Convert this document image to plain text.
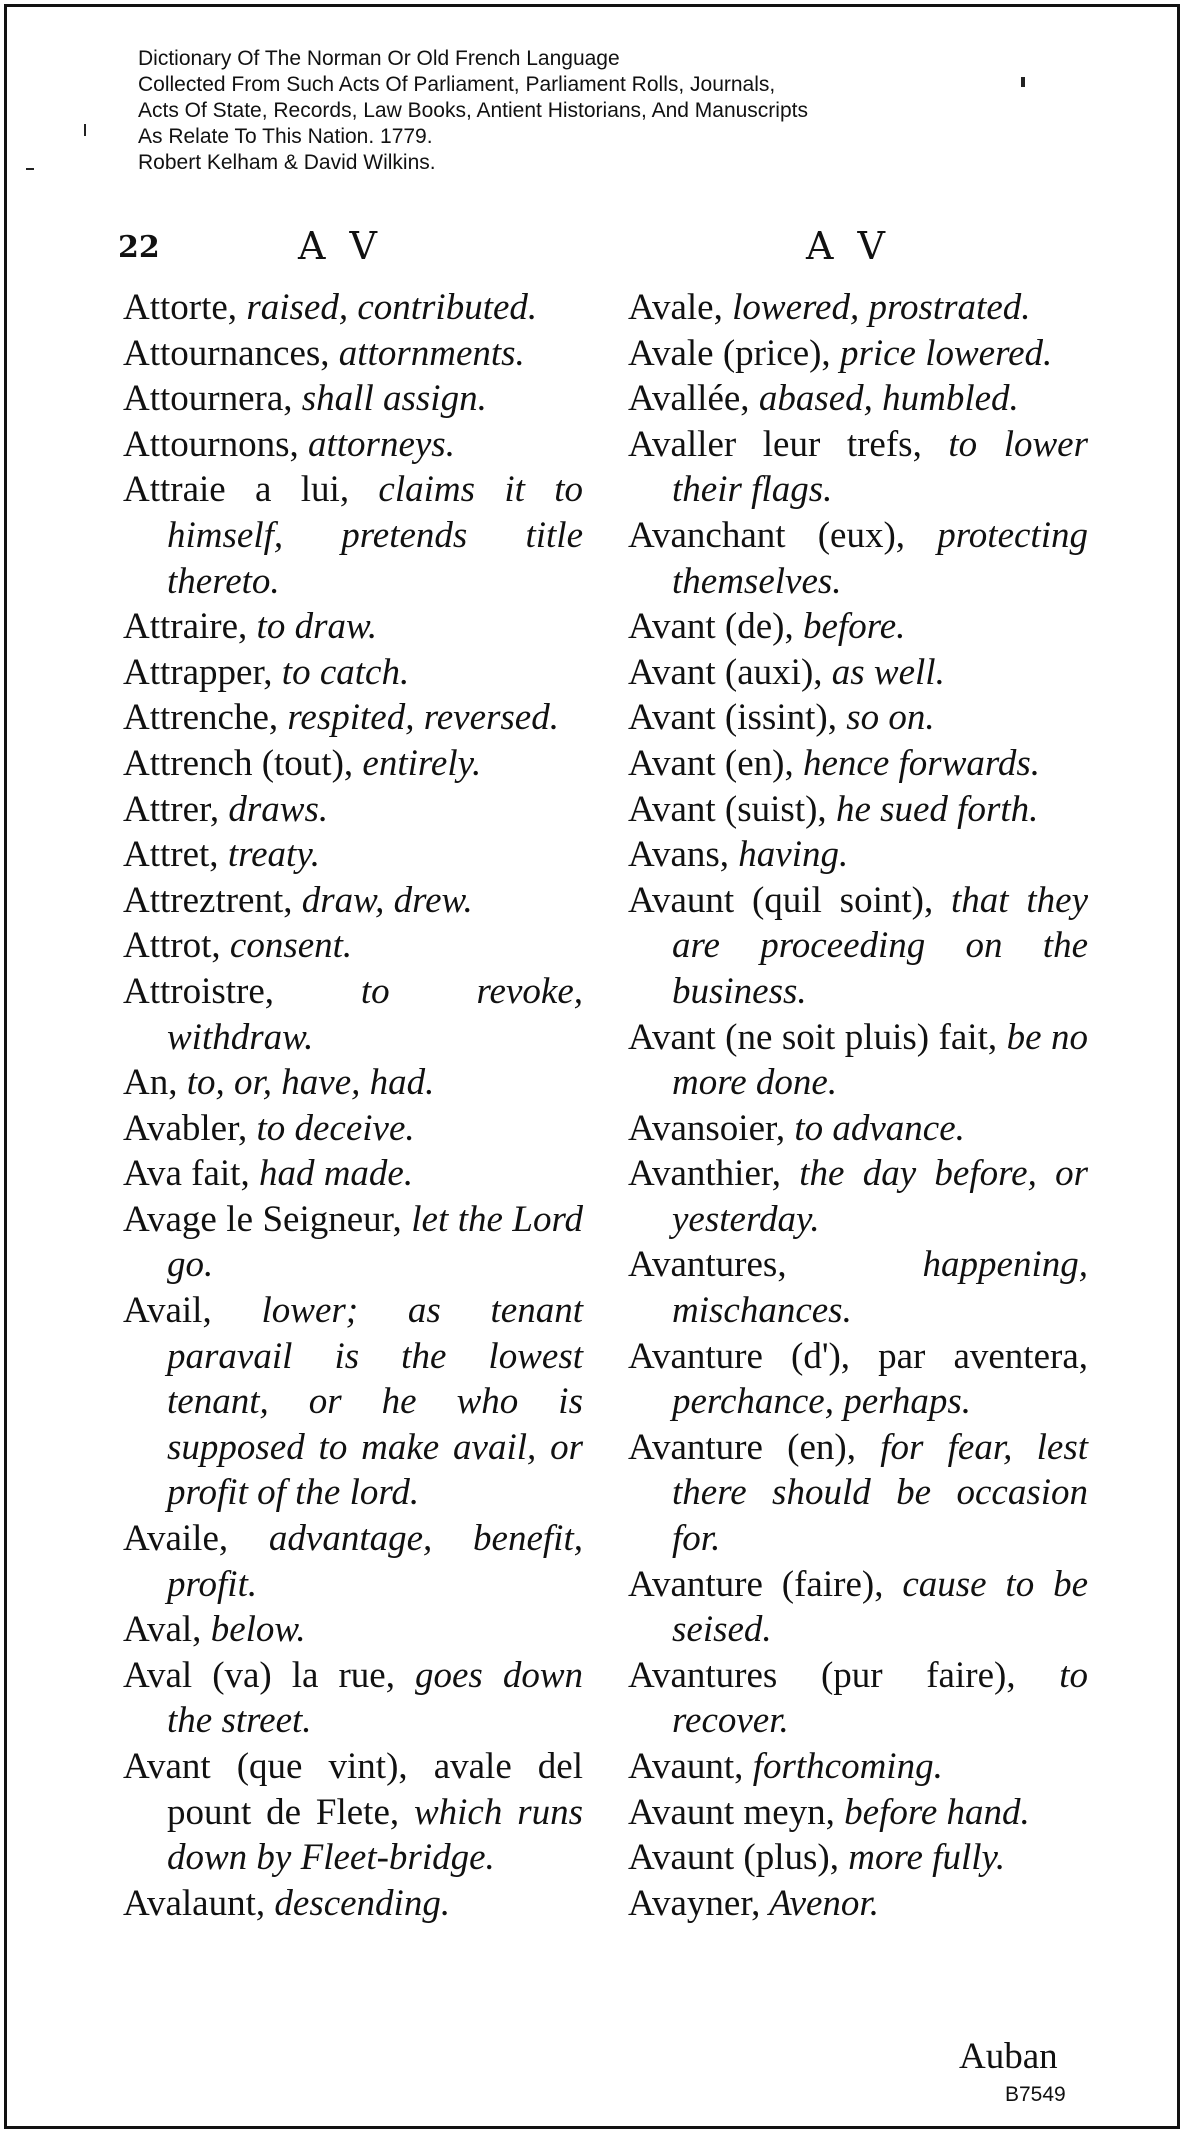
Dictionary Of The Norman Or Old French Language
Collected From Such Acts Of Parliament, Parliament Rolls, Journals,
Acts Of State, Records, Law Books, Antient Historians, And Manuscripts
As Relate To This Nation. 1779.
Robert Kelham & David Wilkins.
22	A V	A V
Attorte, raised, contributed.
Attournances, attornments.
Attournera, shall assign.
Attournons, attorneys.
Attraie a lui, claims it to himself, pretends title thereto.
Attraire, to draw.
Attrapper, to catch.
Attrenche, respited, reversed.
Attrench (tout), entirely.
Attrer, draws.
Attret, treaty.
Attreztrent, draw, drew.
Attrot, consent.
Attroistre, to revoke, withdraw.
An, to, or, have, had.
Avabler, to deceive.
Ava fait, had made.
Avage le Seigneur, let the Lord go.
Avail, lower; as tenant paravail is the lowest tenant, or he who is supposed to make avail, or profit of the lord.
Availe, advantage, benefit, profit.
Aval, below.
Aval (va) la rue, goes down the street.
Avant (que vint), avale del pount de Flete, which runs down by Fleet-bridge.
Avalaunt, descending.
Avale, lowered, prostrated.
Avale (price), price lowered.
Avallée, abased, humbled.
Avaller leur trefs, to lower their flags.
Avanchant (eux), protecting themselves.
Avant (de), before.
Avant (auxi), as well.
Avant (issint), so on.
Avant (en), hence forwards.
Avant (suist), he sued forth.
Avans, having.
Avaunt (quil soint), that they are proceeding on the business.
Avant (ne soit pluis) fait, be no more done.
Avansoier, to advance.
Avanthier, the day before, or yesterday.
Avantures, happening, mischances.
Avanture (d'), par aventera, perchance, perhaps.
Avanture (en), for fear, lest there should be occasion for.
Avanture (faire), cause to be seised.
Avantures (pur faire), to recover.
Avaunt, forthcoming.
Avaunt meyn, before hand.
Avaunt (plus), more fully.
Avayner, Avenor.
Auban
B7549
